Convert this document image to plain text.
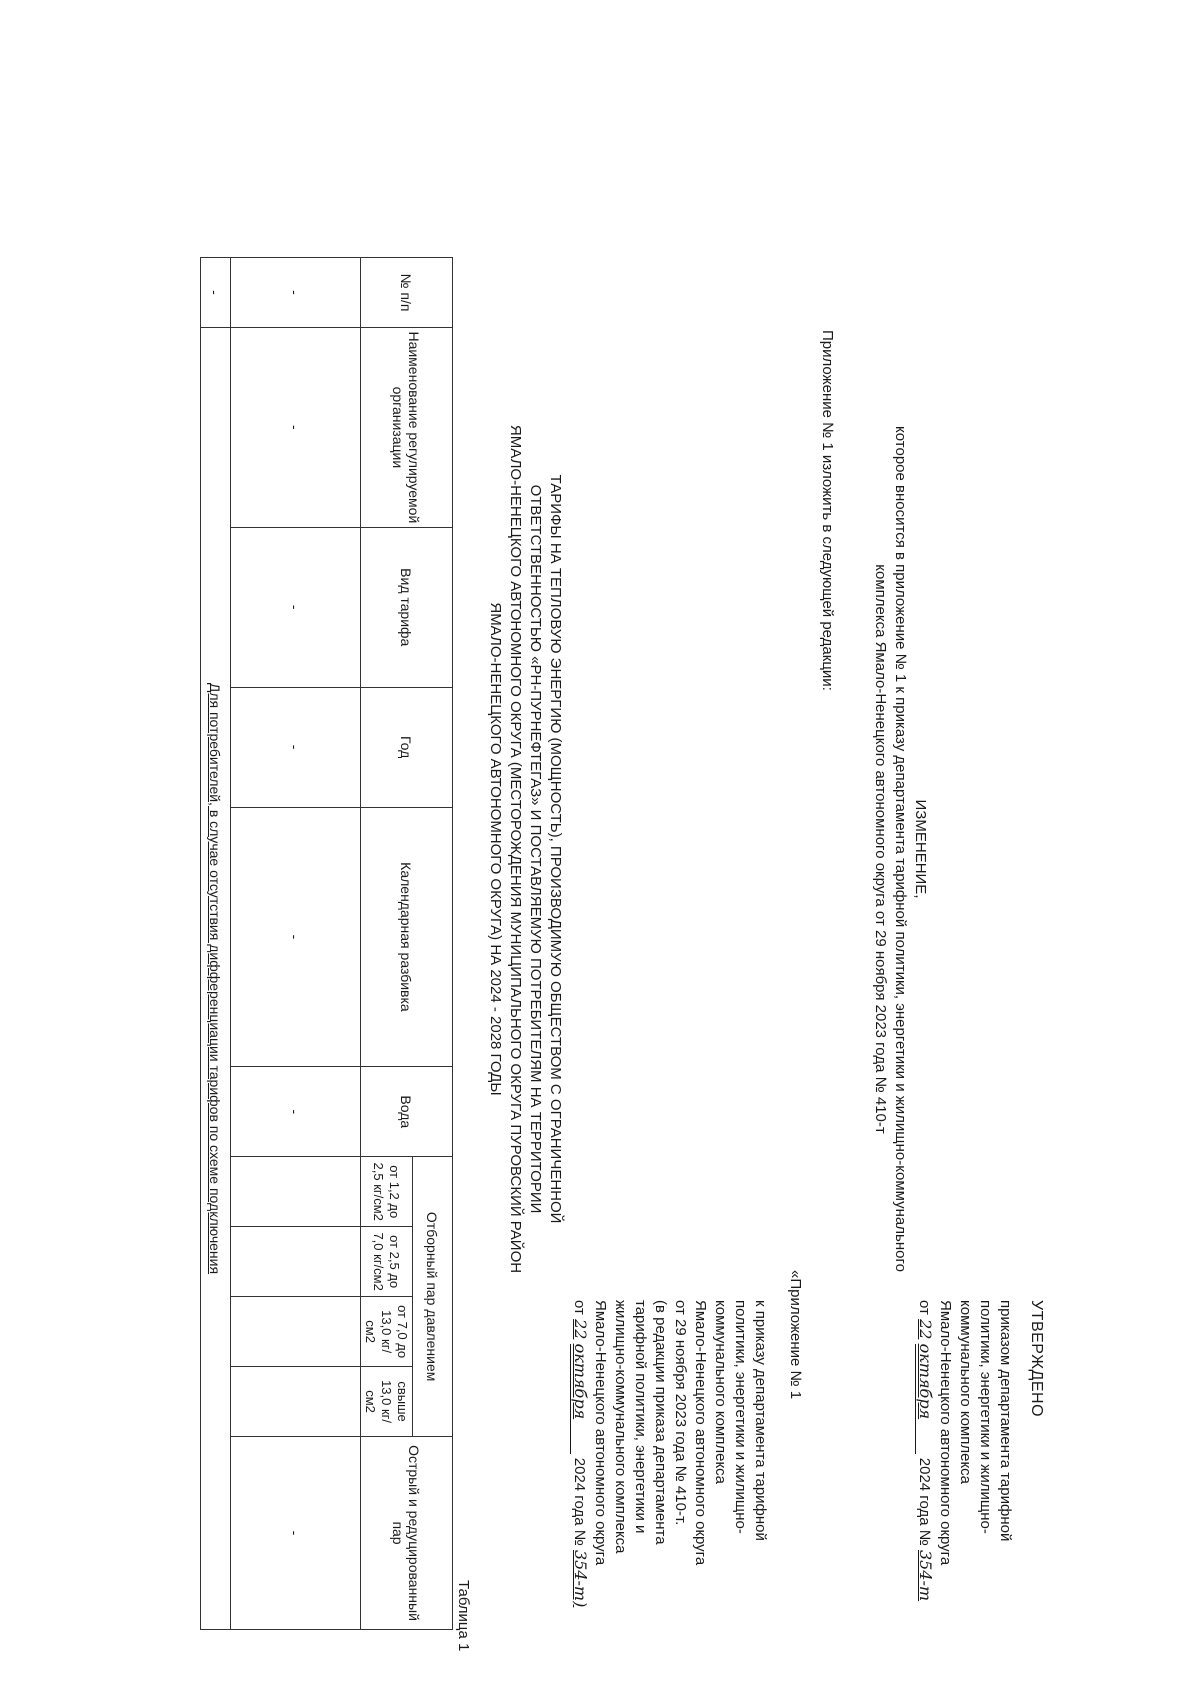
УТВЕРЖДЕНО
приказом департамента тарифной
политики, энергетики и жилищно-
коммунального комплекса
Ямало-Ненецкого автономного округа
от 22 октября 2024 года № 354-т
ИЗМЕНЕНИЕ,
которое вносится в приложение № 1 к приказу департамента тарифной политики, энергетики и жилищно-коммунального
комплекса Ямало-Ненецкого автономного округа от 29 ноября 2023 года № 410-т
Приложение № 1 изложить в следующей редакции:
«Приложение № 1
к приказу департамента тарифной
политики, энергетики и жилищно-
коммунального комплекса
Ямало-Ненецкого автономного округа
от 29 ноября 2023 года № 410-т.
(в редакции приказа департамента
тарифной политики, энергетики и
жилищно-коммунального комплекса
Ямало-Ненецкого автономного округа
от 22 октября 2024 года № 354-т)
ТАРИФЫ НА ТЕПЛОВУЮ ЭНЕРГИЮ (МОЩНОСТЬ), ПРОИЗВОДИМУЮ ОБЩЕСТВОМ С ОГРАНИЧЕННОЙ
ОТВЕТСТВЕННОСТЬЮ «РН-ПУРНЕФТЕГАЗ» И ПОСТАВЛЯЕМУЮ ПОТРЕБИТЕЛЯМ НА ТЕРРИТОРИИ
ЯМАЛО-НЕНЕЦКОГО АВТОНОМНОГО ОКРУГА (МЕСТОРОЖДЕНИЯ МУНИЦИПАЛЬНОГО ОКРУГА ПУРОВСКИЙ РАЙОН
ЯМАЛО-НЕНЕЦКОГО АВТОНОМНОГО ОКРУГА) НА 2024 - 2028 ГОДЫ
Таблица 1
№ п/п	Наименование регулируемой организации	Вид тарифа	Год	Календарная разбивка	Вода	Отборный пар давлением				Острый и редуцированный пар
						от 1,2 до 2,5 кг/см2	от 2,5 до 7,0 кг/см2	от 7,0 до 13,0 кг/см2	свыше 13,0 кг/см2	
-	-	-	-	-	-					-
-	Для потребителей, в случае отсутствия дифференциации тарифов по схеме подключения									
